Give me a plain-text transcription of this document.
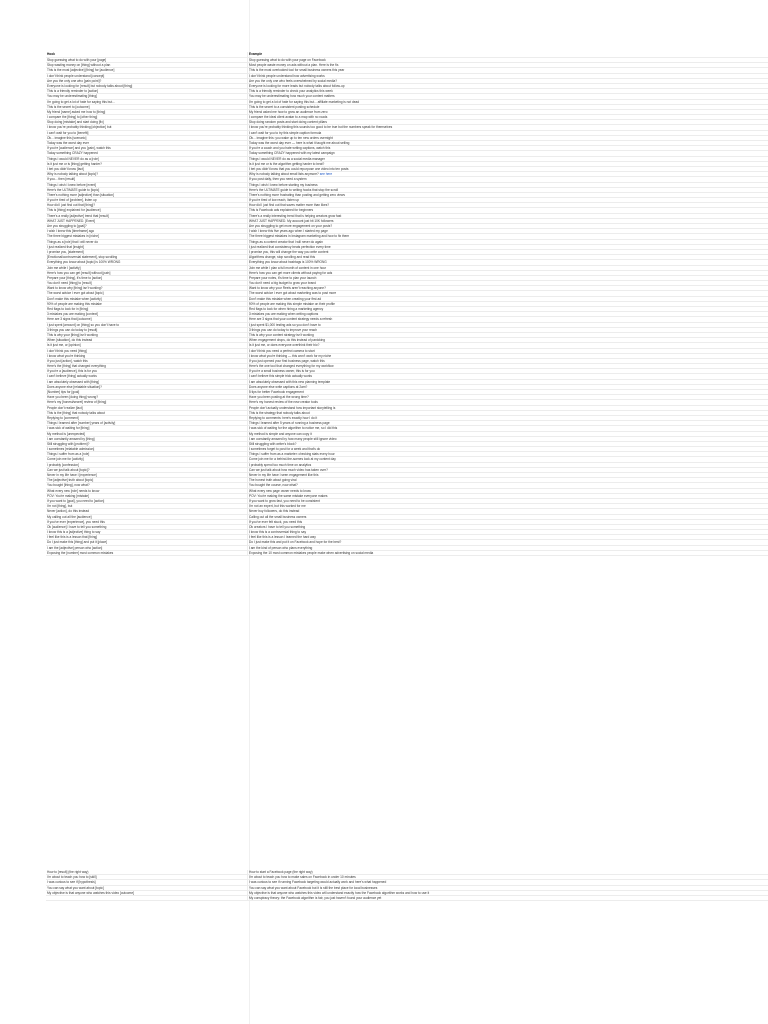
Hook	Example
Stop guessing what to do with your [page]	Stop guessing what to do with your page on Facebook
Stop wasting money on [thing] without a plan	Most people waste money on ads without a plan. Here is the fix.
This is the most [adjective] [thing] for [audience]	This is the most overlooked tool for small business owners this year
I don't think people understand [concept]	I don't think people understand how advertising works
Are you the only one who [pain point]?	Are you the only one who feels overwhelmed by social media?
Everyone is looking for [result] but nobody talks about [thing]	Everyone is looking for more leads but nobody talks about follow-up
This is a friendly reminder to [action]	This is a friendly reminder to check your analytics this week
You may be underestimating [thing]	You may be underestimating how much your content matters
I'm going to get a lot of hate for saying this but...	I'm going to get a lot of hate for saying this but... affiliate marketing is not dead
This is the secret to [outcome]	This is the secret to a consistent posting schedule
My friend [name] asked me how to [thing]	My friend asked me how to grow an audience from zero
I compare the [thing] to [other thing]	I compare the ideal client avatar to a map with no roads
Stop doing [mistake] and start doing [fix]	Stop doing random posts and start doing content pillars
I know you're probably thinking [objection] but	I know you're probably thinking this sounds too good to be true but the numbers speak for themselves
I can't wait for you to [benefit]	I can't wait for you to try this simple caption formula
Ok... imagine this [scenario]	Ok... imagine this: you wake up to ten new orders overnight
Today was the worst day ever	Today was the worst day ever — here is what it taught me about selling
If you're [audience] and you [pain], watch this	If you're a coach and you hate writing captions, watch this
Today something CRAZY happened	Today something CRAZY happened with my latest campaign
Things I would NEVER do as a [role]	Things I would NEVER do as a social media manager
Is it just me or is [thing] getting harder?	Is it just me or is the algorithm getting harder to beat?
I bet you didn't know [fact]	I bet you didn't know that you could repurpose one video into ten posts
Why is nobody talking about [topic]?	Why is nobody talking about email lists anymore? see here
If you... then [result]	If you post daily, then you need a system
Things I wish I knew before [event]	Things I wish I knew before starting my business
Here's the ULTIMATE guide to [topic]	Here's the ULTIMATE guide to writing hooks that stop the scroll
There's nothing more [adjective] than [situation]	There's nothing more frustrating than posting and getting zero views
If you're tired of [problem], listen up	If you're tired of low reach, listen up
How did I just find out that [thing]?	How did I just find out that saves matter more than likes?
This is [thing] explained for [audience]	This is Facebook ads explained for beginners
There's a really [adjective] trend that [result]	There's a really interesting trend that is helping creators grow fast
WHAT JUST HAPPENED. [Event]	WHAT JUST HAPPENED. My account just hit 10K followers
Are you struggling to [goal]?	Are you struggling to get more engagement on your posts?
I wish I knew this [timeframe] ago	I wish I knew this five years ago when I started my page
The three biggest mistakes in [niche]	The three biggest mistakes in Instagram marketing and how to fix them
Things as a [role] that I will never do	Things as a content creator that I will never do again
I just realized that [insight]	I just realized that consistency beats perfection every time
I promise you, [statement]	I promise you, this will change the way you write content
[Emotional/controversial statement], stop scrolling	Algorithms change, stop scrolling and read this
Everything you know about [topic] is 100% WRONG	Everything you know about hashtags is 100% WRONG
Join me while I [activity]	Join me while I plan a full month of content in one hour
Here's how you can get [result] without [pain]	Here's how you can get more clients without paying for ads
Prepare your [thing], it's time to [action]	Prepare your notes, it's time to plan your launch
You don't need [thing] to [result]	You don't need a big budget to grow your brand
Want to know why [thing] isn't working?	Want to know why your Reels aren't reaching anyone?
The worst advice I ever got about [topic]	The worst advice I ever got about marketing was to post more
Don't make this mistake when [activity]	Don't make this mistake when creating your first ad
90% of people are making this mistake	90% of people are making this simple mistake on their profile
Red flags to look for in [thing]	Red flags to look for when hiring a marketing agency
3 mistakes you are making [context]	3 mistakes you are making when writing captions
Here are 3 signs that [outcome]	Here are 3 signs that your content strategy needs a refresh
I just spent [amount] on [thing] so you don't have to	I just spent $1,000 testing ads so you don't have to
3 things you can do today to [result]	3 things you can do today to improve your reach
This is why your [thing] isn't working	This is why your content strategy isn't working
When [situation], do this instead	When engagement drops, do this instead of panicking
Is it just me, or [opinion]	Is it just me, or does everyone overthink their bio?
I don't think you need [thing]	I don't think you need a perfect camera to start
I know what you're thinking	I know what you're thinking — this won't work for my niche
If you just [action], watch this	If you just opened your first business page, watch this
Here's the [thing] that changed everything	Here's the one tool that changed everything for my workflow
If you're a [audience], this is for you	If you're a small business owner, this is for you
I can't believe [thing] actually works	I can't believe this simple trick actually works
I am absolutely obsessed with [thing]	I am absolutely obsessed with this new planning template
Does anyone else [relatable situation]?	Does anyone else write captions at 2am?
[Number] tips for [goal]	5 tips for better Facebook engagement
Have you been [doing thing] wrong?	Have you been posting at the wrong time?
Here's my [honest/secret] review of [thing]	Here's my honest review of the new creator tools
People don't realize [fact]	People don't actually understand how important storytelling is
This is the [thing] that nobody talks about	This is the strategy that nobody talks about
Replying to [comment]	Replying to comments: here's exactly how I do it
Things I learned after [number] years of [activity]	Things I learned after 5 years of running a business page
I was sick of waiting for [thing]	I was sick of waiting for the algorithm to notice me, so I did this
My method is [unexpected]	My method is simple and anyone can copy it
I am constantly amazed by [thing]	I am constantly amazed by how many people still ignore video
Still struggling with [problem]?	Still struggling with writer's block?
I sometimes [relatable admission]	I sometimes forget to post for a week and that's ok
Things I suffer from as a [role]	Things I suffer from as a marketer: checking stats every hour
Come join me for [activity]	Come join me for a behind-the-scenes look at my content day
I probably [confession]	I probably spend too much time on analytics
Can we just talk about [topic]?	Can we just talk about how much video has taken over?
Never in my life have I [experience]	Never in my life have I seen engagement like this
The [adjective] truth about [topic]	The honest truth about going viral
You bought [thing], now what?	You bought the course, now what?
What every new [role] needs to know	What every new page owner needs to know
POV: You're making [mistake]	POV: You're making the same mistake everyone makes
If you want to [goal], you need to [action]	If you want to grow fast, you need to be consistent
I'm not [thing], but	I'm not an expert, but this worked for me
Never [action], do this instead	Never buy followers, do this instead
My calling out all the [audience]	Calling out all the small business owners
If you've ever [experience], you need this	If you've ever felt stuck, you need this
Ok [audience] I have to tell you something	Ok creators I have to tell you something
I know this is a [adjective] thing to say	I know this is a controversial thing to say
I feel like this is a lesson that [thing]	I feel like this is a lesson I learned the hard way
Do I just make this [thing] and put it [place]	Do I just make this and put it on Facebook and hope for the best?
I am the [adjective] person who [action]	I am the kind of person who plans everything
Exposing the [number] most common mistakes	Exposing the 10 most common mistakes people make when advertising on social media
How to [result] (the right way)	How to start a Facebook page (the right way)
I'm about to teach you how to [skill]	I'm about to teach you how to make sales on Facebook in under 10 minutes
I was curious to see if [hypothesis]	I was curious to see if running Facebook targeting would actually work and here's what happened
You can say what you want about [topic]	You can say what you want about Facebook but it is still the best place for local businesses
My objective is that anyone who watches this video [outcome]	My objective is that anyone who watches this video will understand exactly how the Facebook algorithm works and how to use it
My conspiracy theory: the Facebook algorithm is fair, you just haven't found your audience yet
